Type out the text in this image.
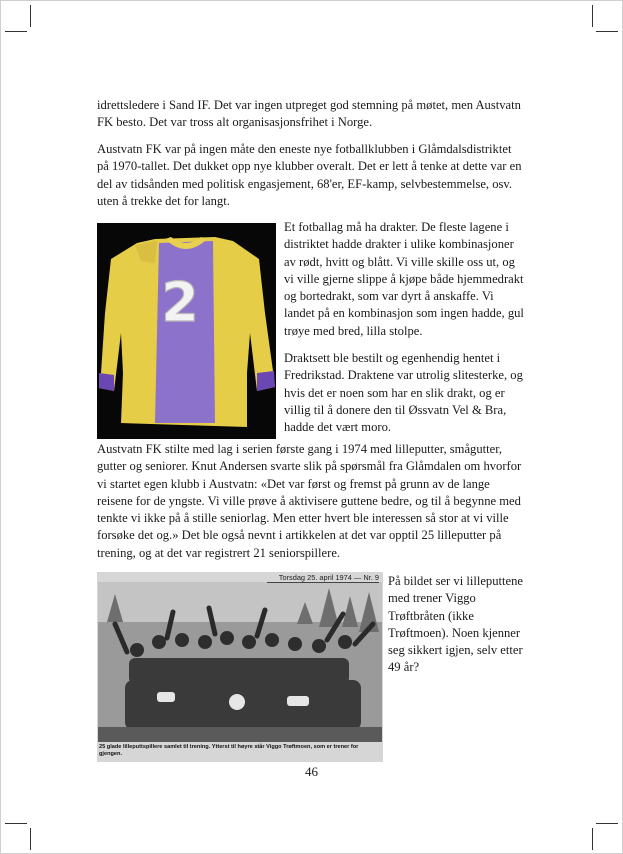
idrettsledere i Sand IF. Det var ingen utpreget god stemning på møtet, men Austvatn FK besto. Det var tross alt organisasjonsfrihet i Norge.

Austvatn FK var på ingen måte den eneste nye fotballklubben i Glåmdalsdistriktet på 1970-tallet. Det dukket opp nye klubber overalt. Det er lett å tenke at dette var en del av tidsånden med politisk engasjement, 68'er, EF-kamp, selvbestemmelse, osv. uten å trekke det for langt.

2

Et fotballag må ha drakter. De fleste lagene i distriktet hadde drakter i ulike kombinasjoner av rødt, hvitt og blått. Vi ville skille oss ut, og vi ville gjerne slippe å kjøpe både hjemmedrakt og bortedrakt, som var dyrt å anskaffe. Vi landet på en kombinasjon som ingen hadde, gul trøye med bred, lilla stolpe.

Draktsett ble bestilt og egenhendig hentet i Fredrikstad. Draktene var utrolig slitesterke, og hvis det er noen som har en slik drakt, og er villig til å donere den til Øssvatn Vel & Bra, hadde det vært moro.

Austvatn FK stilte med lag i serien første gang i 1974 med lilleputter, smågutter, gutter og seniorer. Knut Andersen svarte slik på spørsmål fra Glåmdalen om hvorfor vi startet egen klubb i Austvatn: «Det var først og fremst på grunn av de lange reisene for de yngste. Vi ville prøve å aktivisere guttene bedre, og til å begynne med tenkte vi ikke på å stille seniorlag. Men etter hvert ble interessen så stor at vi ville forsøke det og.» Det ble også nevnt i artikkelen at det var opptil 25 lilleputter på trening, og at det var registrert 21 seniorspillere.

Torsdag 25. april 1974 — Nr. 9
25 glade lilleputtspillere samlet til trening. Ytterst til høyre står Viggo Trøftmoen, som er trener for gjengen.

På bildet ser vi lilleputtene med trener Viggo Trøftbråten (ikke Trøftmoen). Noen kjenner seg sikkert igjen, selv etter 49 år?

46
